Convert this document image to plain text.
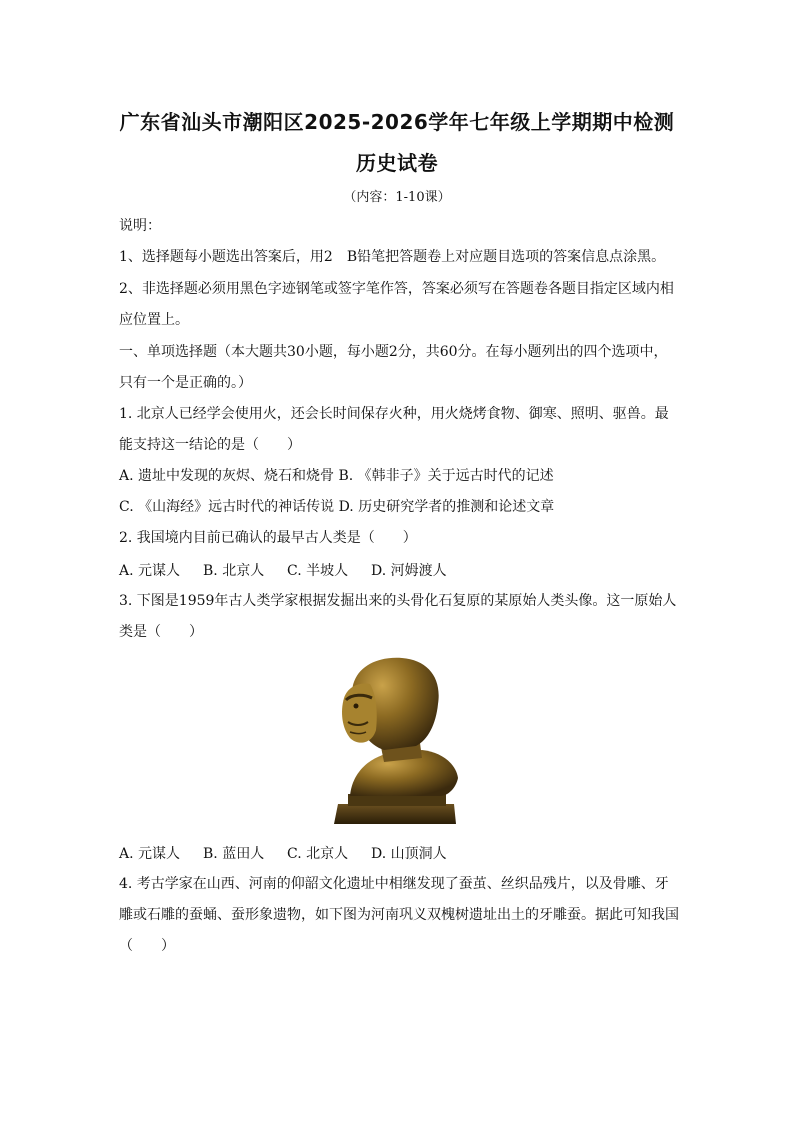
广东省汕头市潮阳区2025-2026学年七年级上学期期中检测
历史试卷
（内容：1-10课）
说明：
1、选择题每小题选出答案后，用2　B铅笔把答题卷上对应题目选项的答案信息点涂黑。
2、非选择题必须用黑色字迹钢笔或签字笔作答，答案必须写在答题卷各题目指定区域内相
应位置上。
一、单项选择题（本大题共30小题，每小题2分，共60分。在每小题列出的四个选项中，
只有一个是正确的。）
1. 北京人已经学会使用火，还会长时间保存火种，用火烧烤食物、御寒、照明、驱兽。最
能支持这一结论的是（　　）
A. 遗址中发现的灰烬、烧石和烧骨 B. 《韩非子》关于远古时代的记述
C. 《山海经》远古时代的神话传说 D. 历史研究学者的推测和论述文章
2. 我国境内目前已确认的最早古人类是（　　）
A. 元谋人 B. 北京人 C. 半坡人 D. 河姆渡人
3. 下图是1959年古人类学家根据发掘出来的头骨化石复原的某原始人类头像。这一原始人
类是（　　）
A. 元谋人 B. 蓝田人 C. 北京人 D. 山顶洞人
4. 考古学家在山西、河南的仰韶文化遗址中相继发现了蚕茧、丝织品残片，以及骨雕、牙
雕或石雕的蚕蛹、蚕形象遗物，如下图为河南巩义双槐树遗址出土的牙雕蚕。据此可知我国
（　　）
